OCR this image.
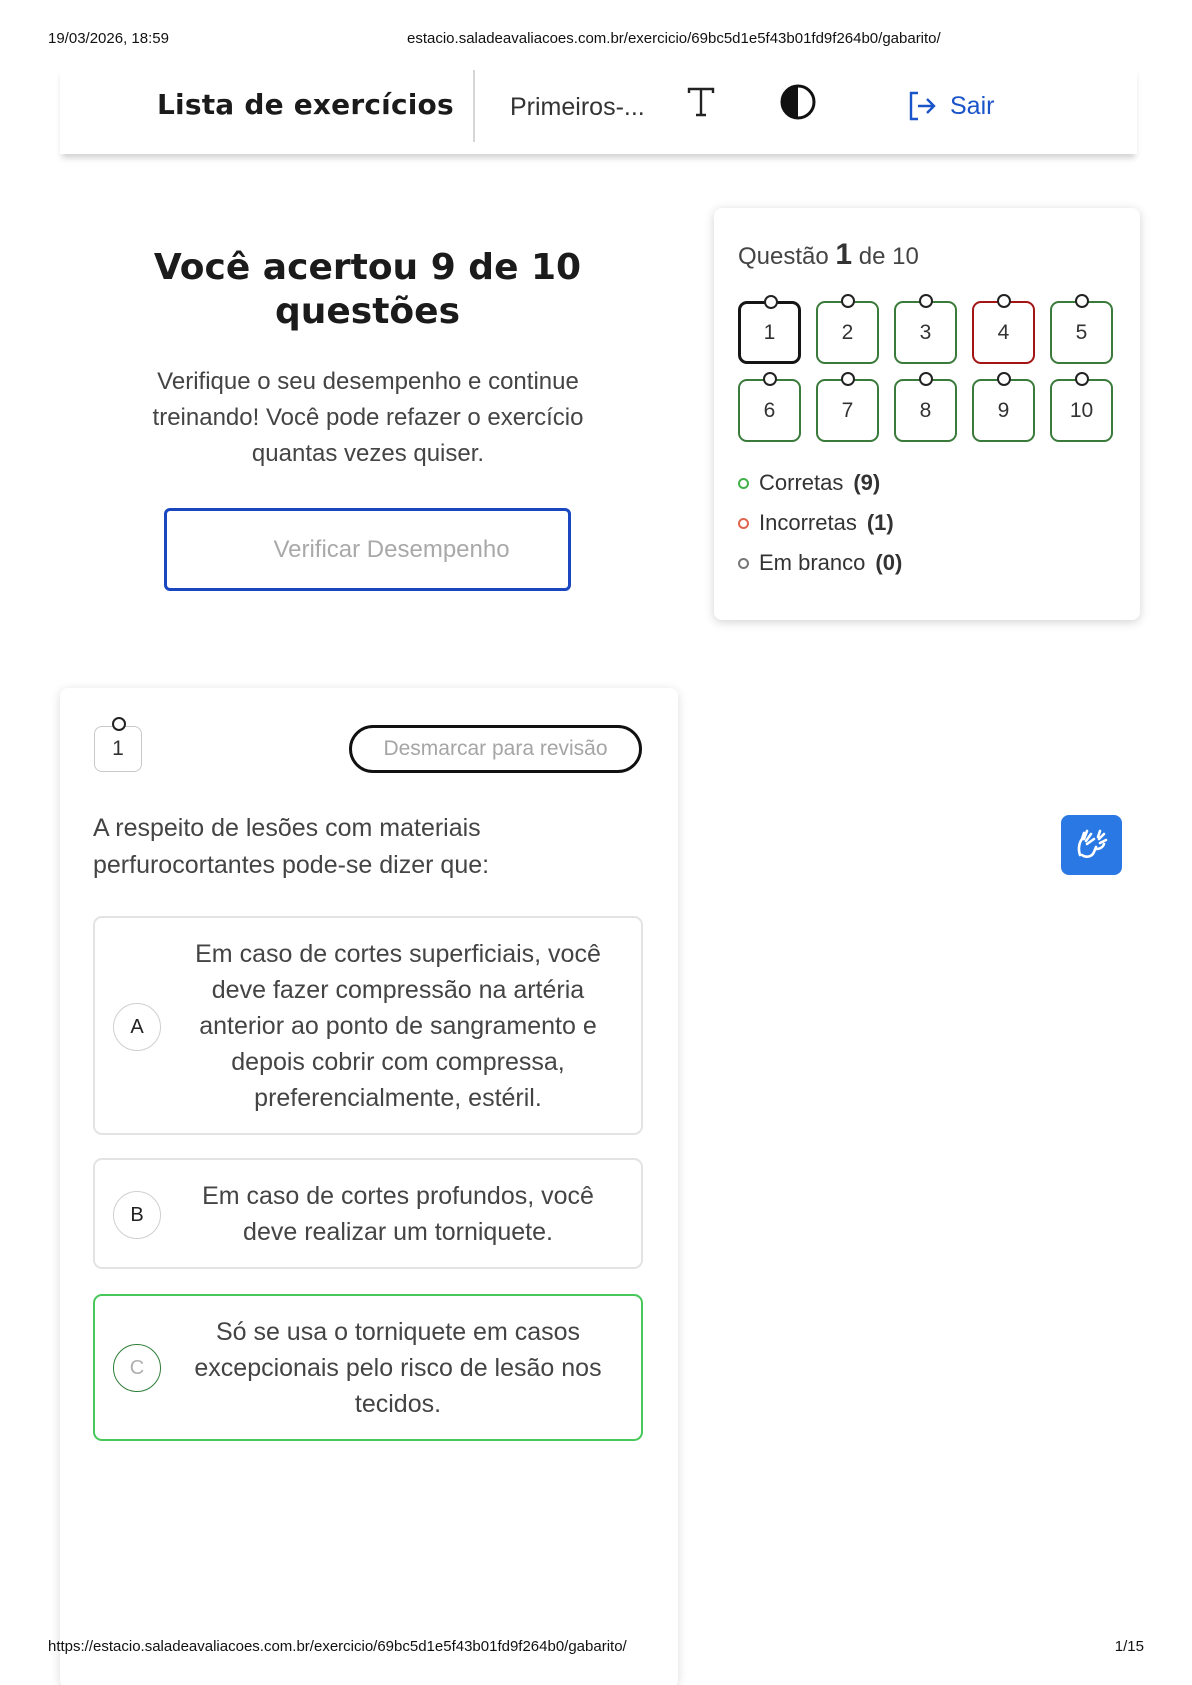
19/03/2026, 18:59	estacio.saladeavaliacoes.com.br/exercicio/69bc5d1e5f43b01fd9f264b0/gabarito/
Lista de exercícios Primeiros-...	Sair
Você acertou 9 de 10 questões

Verifique o seu desempenho e continue treinando! Você pode refazer o exercício quantas vezes quiser.

Verificar Desempenho
Questão 1 de 10
1	2	3	4	5
6	7	8	9	10
Corretas (9)
Incorretas (1)
Em branco (0)
1	Desmarcar para revisão

A respeito de lesões com materiais perfurocortantes pode-se dizer que:

A
Em caso de cortes superficiais, você deve fazer compressão na artéria anterior ao ponto de sangramento e depois cobrir com compressa, preferencialmente, estéril.
B
Em caso de cortes profundos, você deve realizar um torniquete.
C
Só se usa o torniquete em casos excepcionais pelo risco de lesão nos tecidos.
https://estacio.saladeavaliacoes.com.br/exercicio/69bc5d1e5f43b01fd9f264b0/gabarito/	1/15
